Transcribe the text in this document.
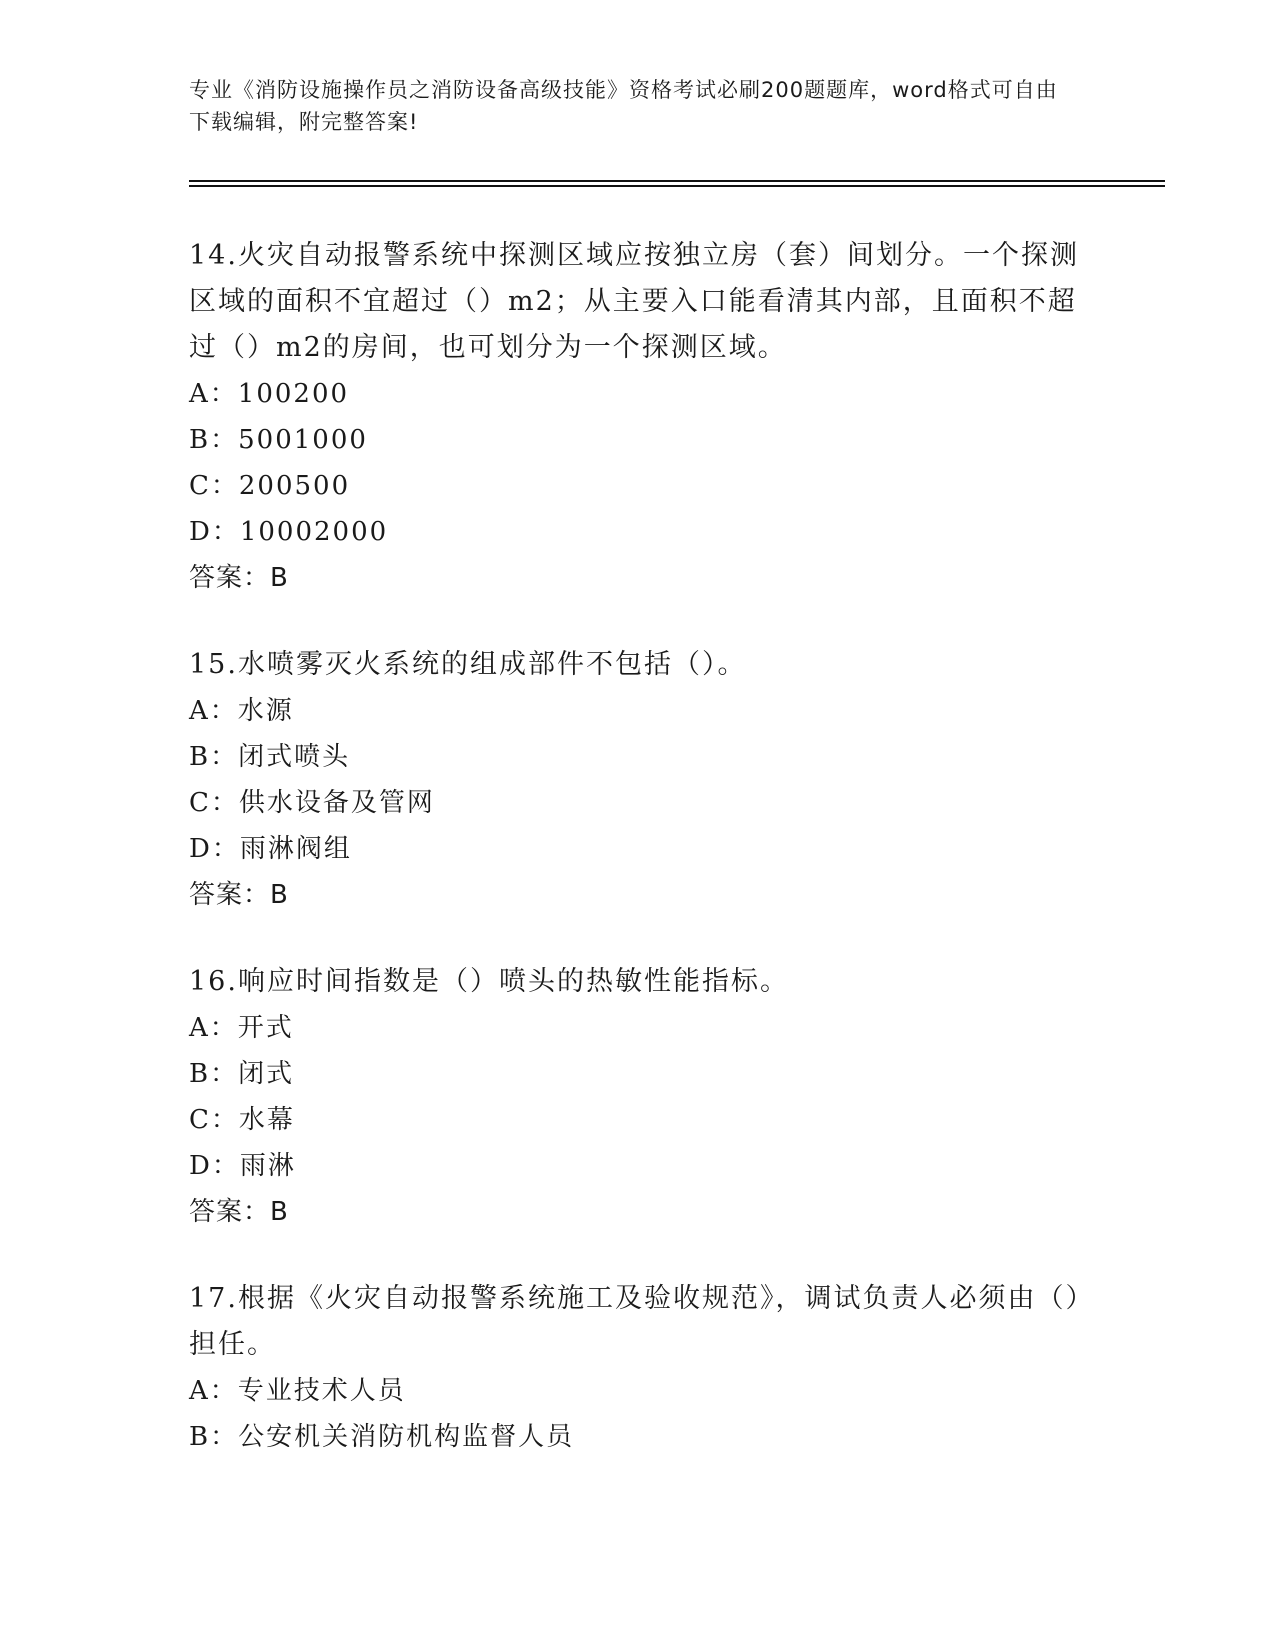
专业《消防设施操作员之消防设备高级技能》资格考试必刷200题题库，word格式可自由下载编辑，附完整答案!

14.火灾自动报警系统中探测区域应按独立房（套）间划分。一个探测区域的面积不宜超过（）m2；从主要入口能看清其内部，且面积不超过（）m2的房间，也可划分为一个探测区域。

A：100200
B：5001000
C：200500
D：10002000
答案：B

15.水喷雾灭火系统的组成部件不包括（）。

A：水源
B：闭式喷头
C：供水设备及管网
D：雨淋阀组
答案：B

16.响应时间指数是（）喷头的热敏性能指标。

A：开式
B：闭式
C：水幕
D：雨淋
答案：B

17.根据《火灾自动报警系统施工及验收规范》，调试负责人必须由（）担任。

A：专业技术人员
B：公安机关消防机构监督人员
